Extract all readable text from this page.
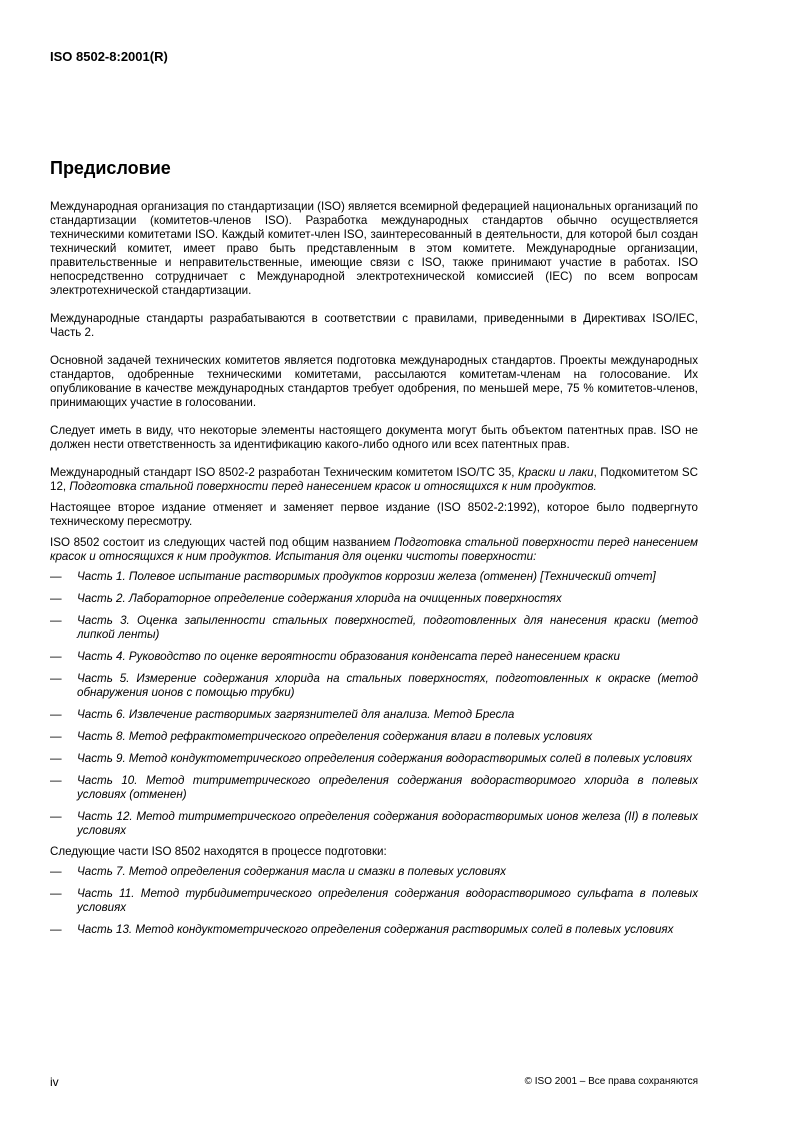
ISO 8502-8:2001(R)
Предисловие

Международная организация по стандартизации (ISO) является всемирной федерацией национальных организаций по стандартизации (комитетов-членов ISO). Разработка международных стандартов обычно осуществляется техническими комитетами ISO. Каждый комитет-член ISO, заинтересованный в деятельности, для которой был создан технический комитет, имеет право быть представленным в этом комитете. Международные организации, правительственные и неправительственные, имеющие связи с ISO, также принимают участие в работах. ISO непосредственно сотрудничает с Международной электротехнической комиссией (IEC) по всем вопросам электротехнической стандартизации.

Международные стандарты разрабатываются в соответствии с правилами, приведенными в Директивах ISO/IEC, Часть 2.

Основной задачей технических комитетов является подготовка международных стандартов. Проекты международных стандартов, одобренные техническими комитетами, рассылаются комитетам-членам на голосование. Их опубликование в качестве международных стандартов требует одобрения, по меньшей мере, 75 % комитетов-членов, принимающих участие в голосовании.

Следует иметь в виду, что некоторые элементы настоящего документа могут быть объектом патентных прав. ISO не должен нести ответственность за идентификацию какого-либо одного или всех патентных прав.

Международный стандарт ISO 8502-2 разработан Техническим комитетом ISO/TC 35, Краски и лаки, Подкомитетом SC 12, Подготовка стальной поверхности перед нанесением красок и относящихся к ним продуктов.

Настоящее второе издание отменяет и заменяет первое издание (ISO 8502-2:1992), которое было подвергнуто техническому пересмотру.

ISO 8502 состоит из следующих частей под общим названием Подготовка стальной поверхности перед нанесением красок и относящихся к ним продуктов. Испытания для оценки чистоты поверхности:

— Часть 1. Полевое испытание растворимых продуктов коррозии железа (отменен) [Технический отчет]
— Часть 2. Лабораторное определение содержания хлорида на очищенных поверхностях
— Часть 3. Оценка запыленности стальных поверхностей, подготовленных для нанесения краски (метод липкой ленты)
— Часть 4. Руководство по оценке вероятности образования конденсата перед нанесением краски
— Часть 5. Измерение содержания хлорида на стальных поверхностях, подготовленных к окраске (метод обнаружения ионов с помощью трубки)
— Часть 6. Извлечение растворимых загрязнителей для анализа. Метод Бресла
— Часть 8. Метод рефрактометрического определения содержания влаги в полевых условиях
— Часть 9. Метод кондуктометрического определения содержания водорастворимых солей в полевых условиях
— Часть 10. Метод титриметрического определения содержания водорастворимого хлорида в полевых условиях (отменен)
— Часть 12. Метод титриметрического определения содержания водорастворимых ионов железа (II) в полевых условиях

Следующие части ISO 8502 находятся в процессе подготовки:

— Часть 7. Метод определения содержания масла и смазки в полевых условиях
— Часть 11. Метод турбидиметрического определения содержания водорастворимого сульфата в полевых условиях
— Часть 13. Метод кондуктометрического определения содержания растворимых солей в полевых условиях
iv	© ISO 2001 – Все права сохраняются
